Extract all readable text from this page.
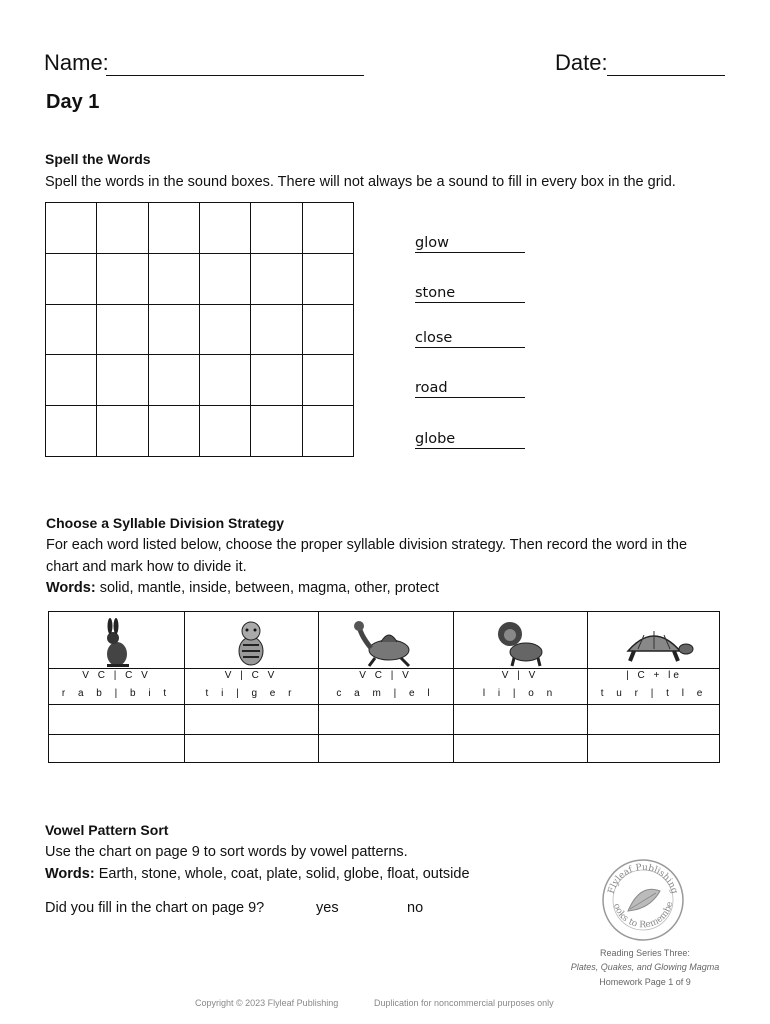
Name:	Date:
Day 1
Spell the Words
Spell the words in the sound boxes. There will not always be a sound to fill in every box in the grid.
glow
stone
close
road
globe
Choose a Syllable Division Strategy
For each word listed below, choose the proper syllable division strategy. Then record the word in the
chart and mark how to divide it.
Words: solid, mantle, inside, between, magma, other, protect
V C | C V
r a b | b i t
V | C V
t i | g e r
V C | V
c a m | e l
V | V
l i | o n
| C + le
t u r | t l e
Vowel Pattern Sort
Use the chart on page 9 to sort words by vowel patterns.
Words: Earth, stone, whole, coat, plate, solid, globe, float, outside
Did you fill in the chart on page 9?	yes	no
Flyleaf Publishing
ooks to Remembe
Reading Series Three:
Plates, Quakes, and Glowing Magma
Homework Page 1 of 9
Copyright © 2023 Flyleaf Publishing	Duplication for noncommercial purposes only
